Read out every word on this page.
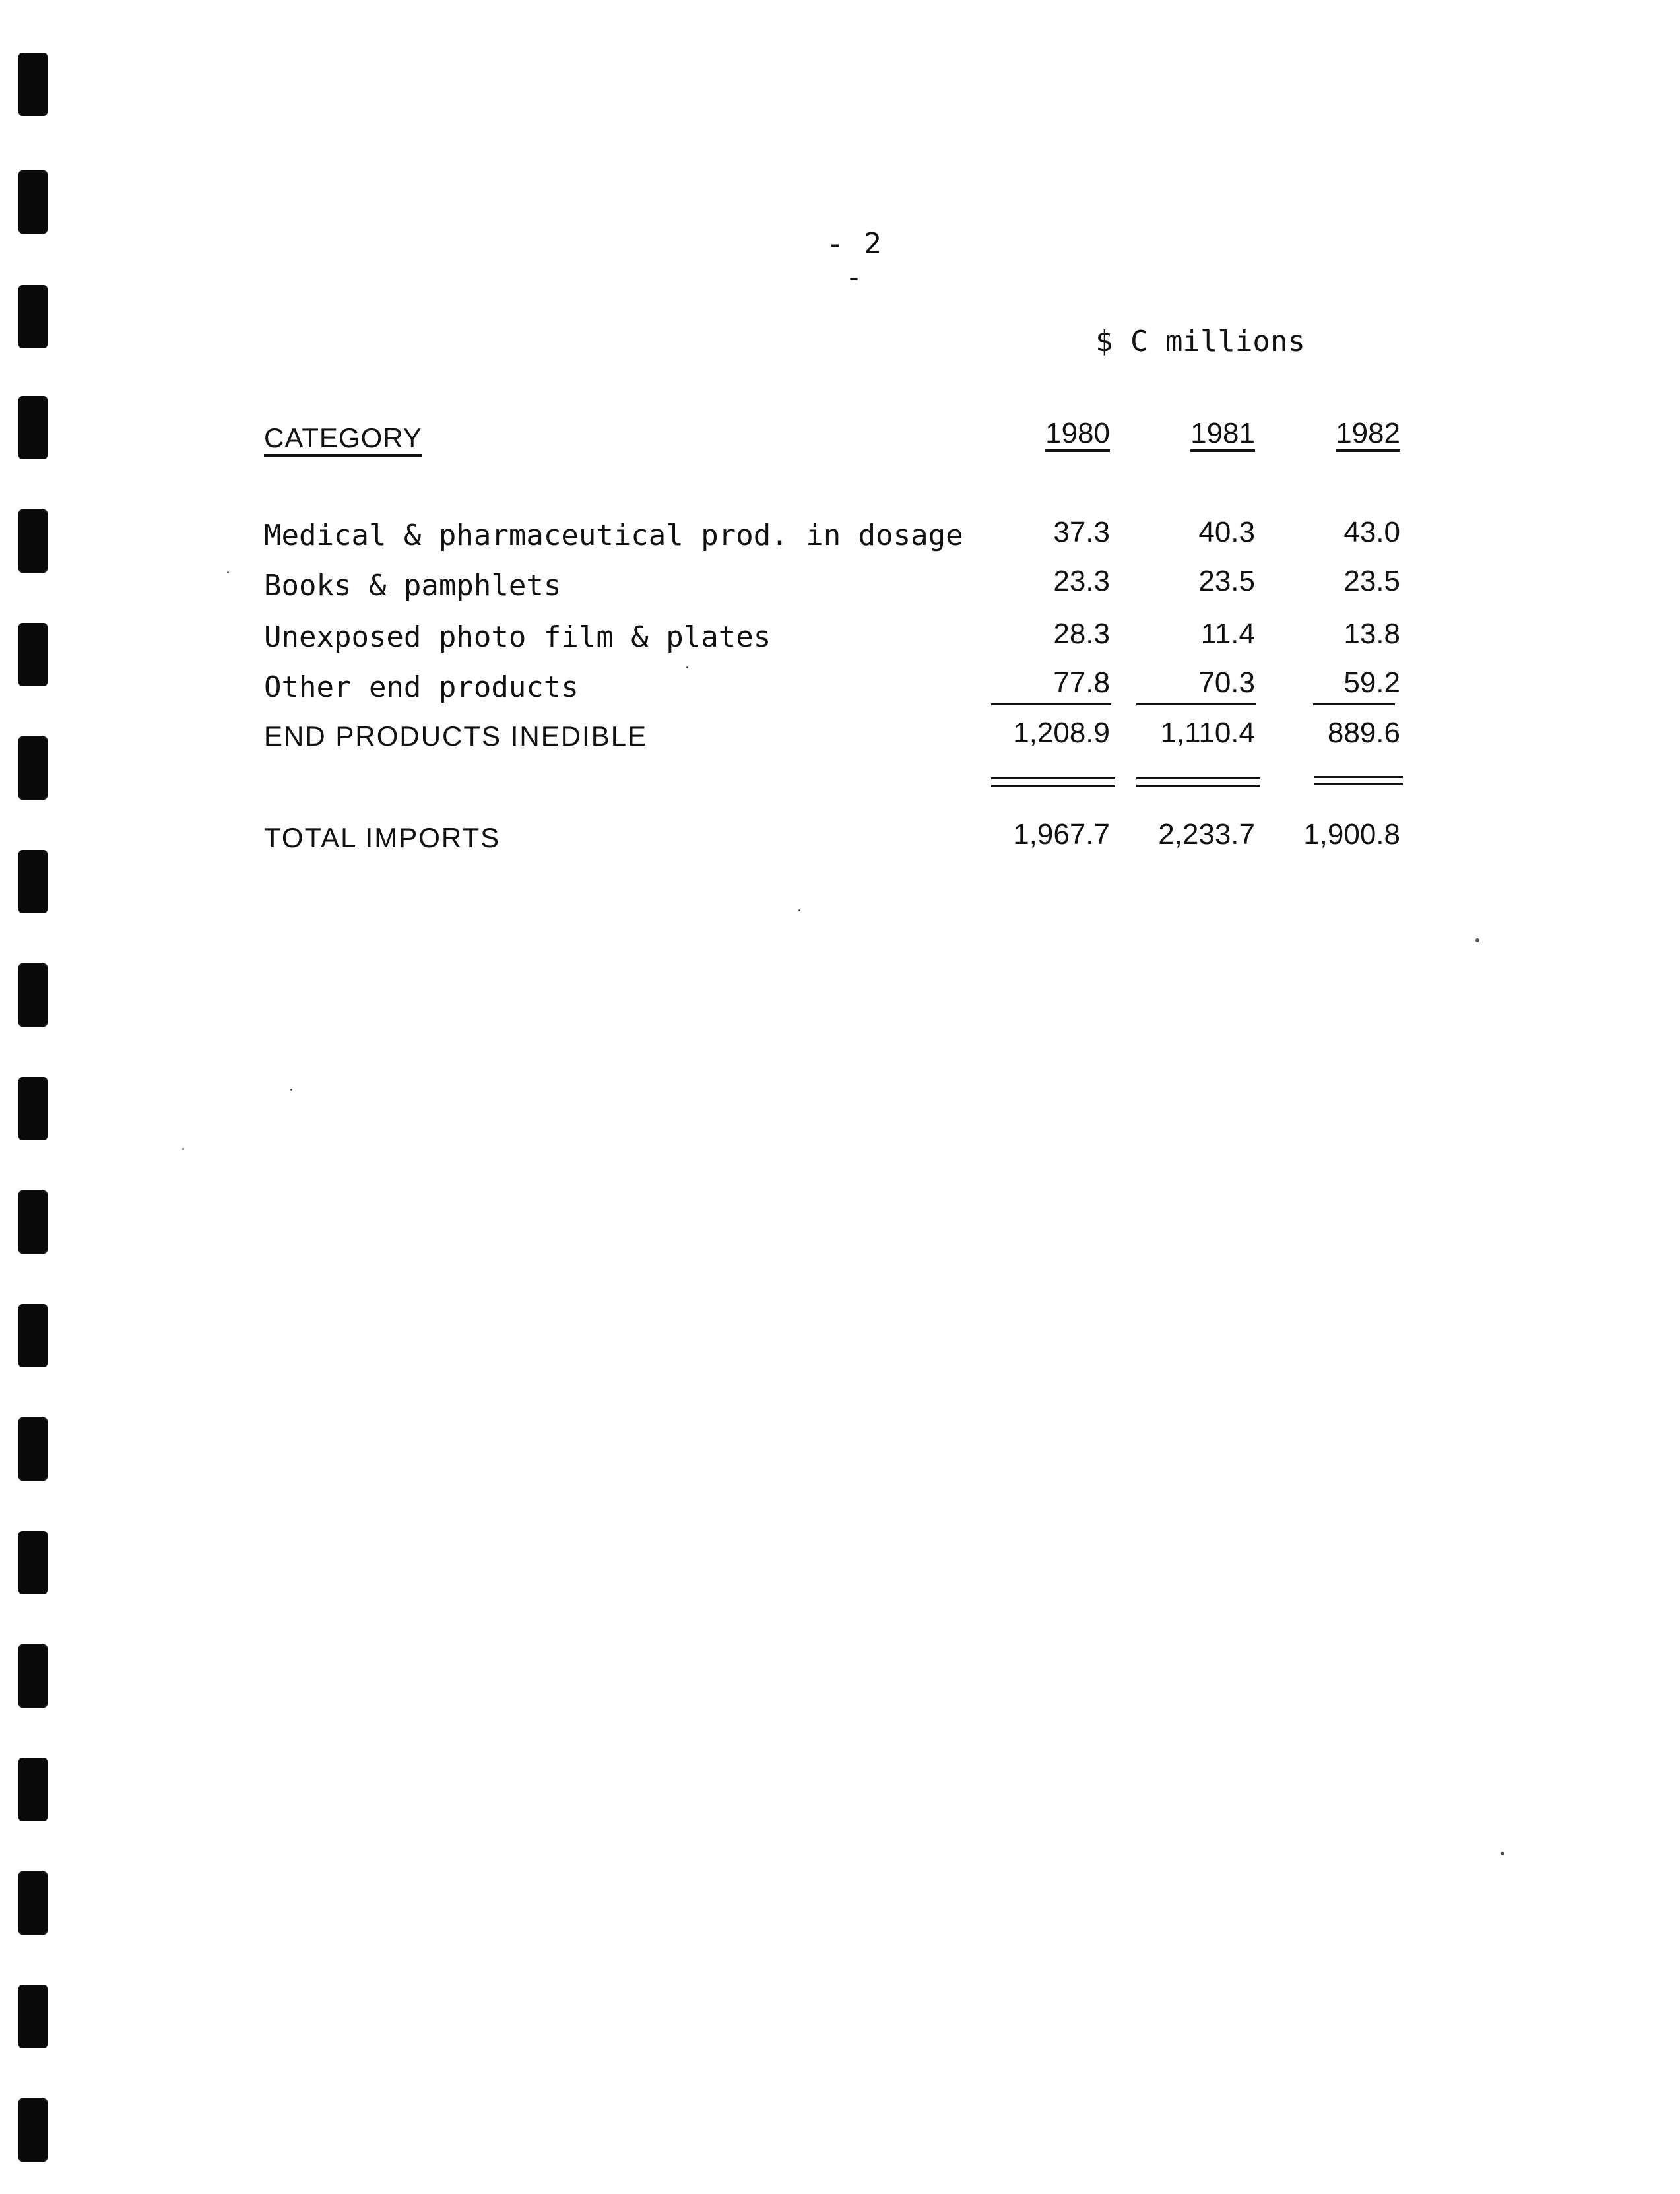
- 2 -
$ C millions
CATEGORY	1980	1981	1982
Medical & pharmaceutical prod. in dosage	37.3	40.3	43.0
Books & pamphlets	23.3	23.5	23.5
Unexposed photo film & plates	28.3	11.4	13.8
Other end products	77.8	70.3	59.2
END PRODUCTS INEDIBLE	1,208.9	1,110.4	889.6
TOTAL IMPORTS	1,967.7	2,233.7	1,900.8
